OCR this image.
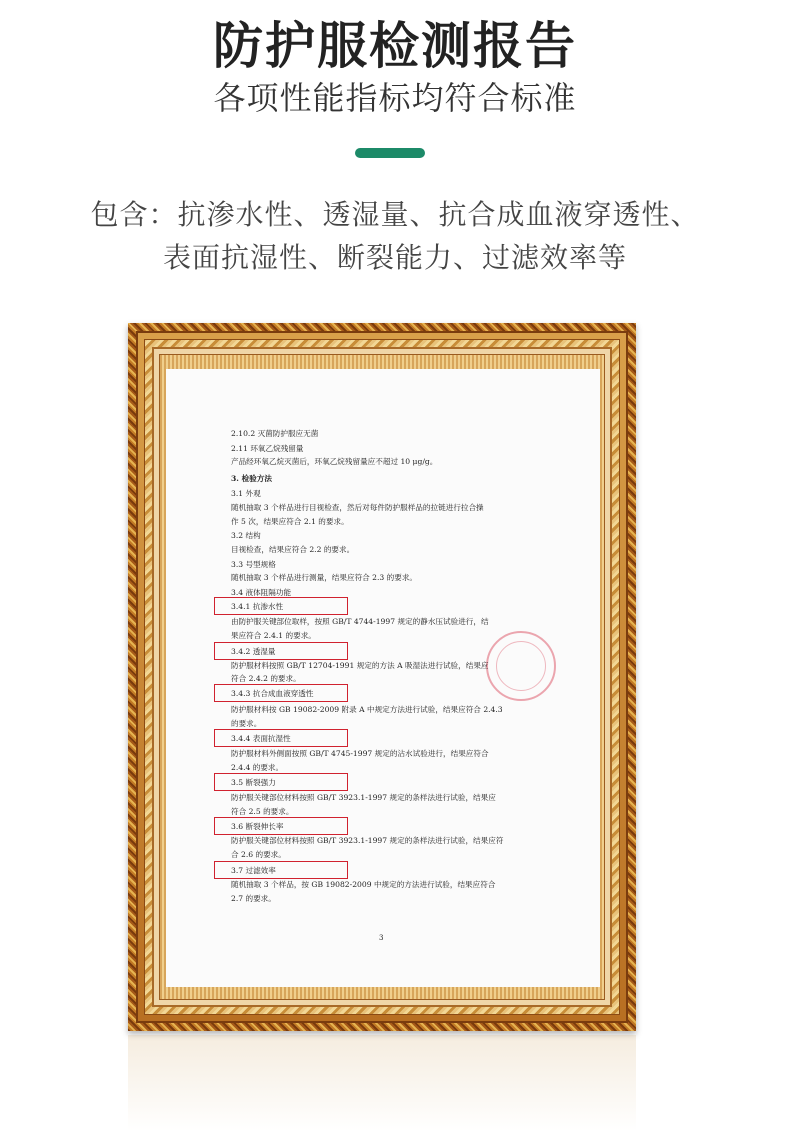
防护服检测报告
各项性能指标均符合标准
包含：抗渗水性、透湿量、抗合成血液穿透性、
表面抗湿性、断裂能力、过滤效率等
2.10.2 灭菌防护服应无菌
2.11 环氧乙烷残留量
产品经环氧乙烷灭菌后，环氧乙烷残留量应不超过 10 μg/g。
3. 检验方法
3.1 外观
随机抽取 3 个样品进行目视检查，然后对每件防护服样品的拉链进行拉合操
作 5 次，结果应符合 2.1 的要求。
3.2 结构
目视检查，结果应符合 2.2 的要求。
3.3 号型规格
随机抽取 3 个样品进行测量，结果应符合 2.3 的要求。
3.4 液体阻隔功能
3.4.1 抗渗水性
由防护服关键部位取样，按照 GB/T 4744-1997 规定的静水压试验进行，结
果应符合 2.4.1 的要求。
3.4.2 透湿量
防护服材料按照 GB/T 12704-1991 规定的方法 A 吸湿法进行试验，结果应
符合 2.4.2 的要求。
3.4.3 抗合成血液穿透性
防护服材料按 GB 19082-2009 附录 A 中规定方法进行试验，结果应符合 2.4.3
的要求。
3.4.4 表面抗湿性
防护服材料外侧面按照 GB/T 4745-1997 规定的沾水试验进行，结果应符合
2.4.4 的要求。
3.5 断裂强力
防护服关键部位材料按照 GB/T 3923.1-1997 规定的条样法进行试验，结果应
符合 2.5 的要求。
3.6 断裂伸长率
防护服关键部位材料按照 GB/T 3923.1-1997 规定的条样法进行试验，结果应符
合 2.6 的要求。
3.7 过滤效率
随机抽取 3 个样品，按 GB 19082-2009 中规定的方法进行试验，结果应符合
2.7 的要求。
3
